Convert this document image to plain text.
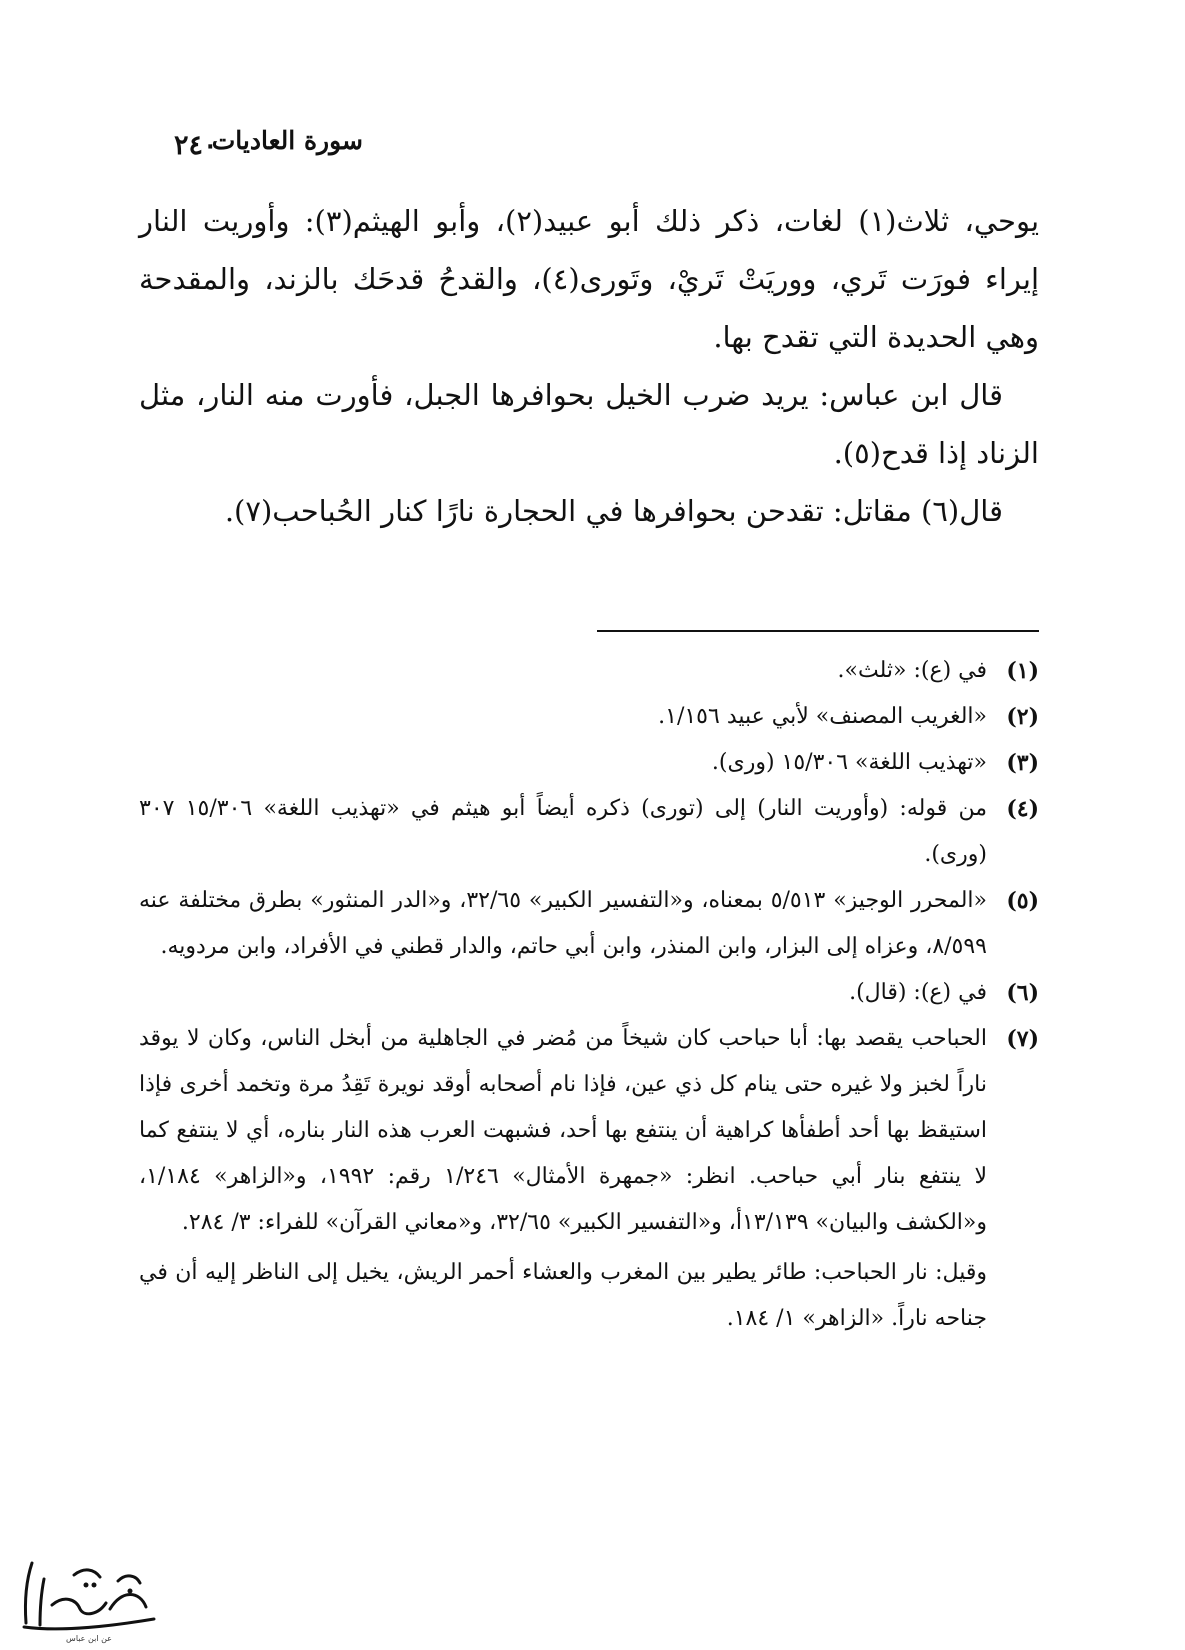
سورة العاديات
٢٤٠

يوحي، ثلاث(١) لغات، ذكر ذلك أبو عبيد(٢)، وأبو الهيثم(٣): وأوريت النار إيراء فورَت تَري، ووريَتْ تَريْ، وتَورى(٤)، والقدحُ قدحَك بالزند، والمقدحة وهي الحديدة التي تقدح بها.

قال ابن عباس: يريد ضرب الخيل بحوافرها الجبل، فأورت منه النار، مثل الزناد إذا قدح(٥).

قال(٦) مقاتل: تقدحن بحوافرها في الحجارة نارًا كنار الحُباحب(٧).

(١)
في (ع): «ثلث».
(٢)
«الغريب المصنف» لأبي عبيد ١/١٥٦.
(٣)
«تهذيب اللغة» ١٥/٣٠٦ (ورى).
(٤)
من قوله: (وأوريت النار) إلى (تورى) ذكره أيضاً أبو هيثم في «تهذيب اللغة» ١٥/٣٠٦ ٣٠٧ (ورى).
(٥)
«المحرر الوجيز» ٥/٥١٣ بمعناه، و«التفسير الكبير» ٣٢/٦٥، و«الدر المنثور» بطرق مختلفة عنه ٨/٥٩٩، وعزاه إلى البزار، وابن المنذر، وابن أبي حاتم، والدار قطني في الأفراد، وابن مردويه.
(٦)
في (ع): (قال).
(٧)
الحباحب يقصد بها: أبا حباحب كان شيخاً من مُضر في الجاهلية من أبخل الناس، وكان لا يوقد ناراً لخبز ولا غيره حتى ينام كل ذي عين، فإذا نام أصحابه أوقد نويرة تَقِدُ مرة وتخمد أخرى فإذا استيقظ بها أحد أطفأها كراهية أن ينتفع بها أحد، فشبهت العرب هذه النار بناره، أي لا ينتفع كما لا ينتفع بنار أبي حباحب. انظر: «جمهرة الأمثال» ١/٢٤٦ رقم: ١٩٩٢، و«الزاهر» ١/١٨٤، و«الكشف والبيان» ١٣/١٣٩أ، و«التفسير الكبير» ٣٢/٦٥، و«معاني القرآن» للفراء: ٣/ ٢٨٤.

وقيل: نار الحباحب: طائر يطير بين المغرب والعشاء أحمر الريش، يخيل إلى الناظر إليه أن في جناحه ناراً. «الزاهر» ١/ ١٨٤.

عن ابن عباس
